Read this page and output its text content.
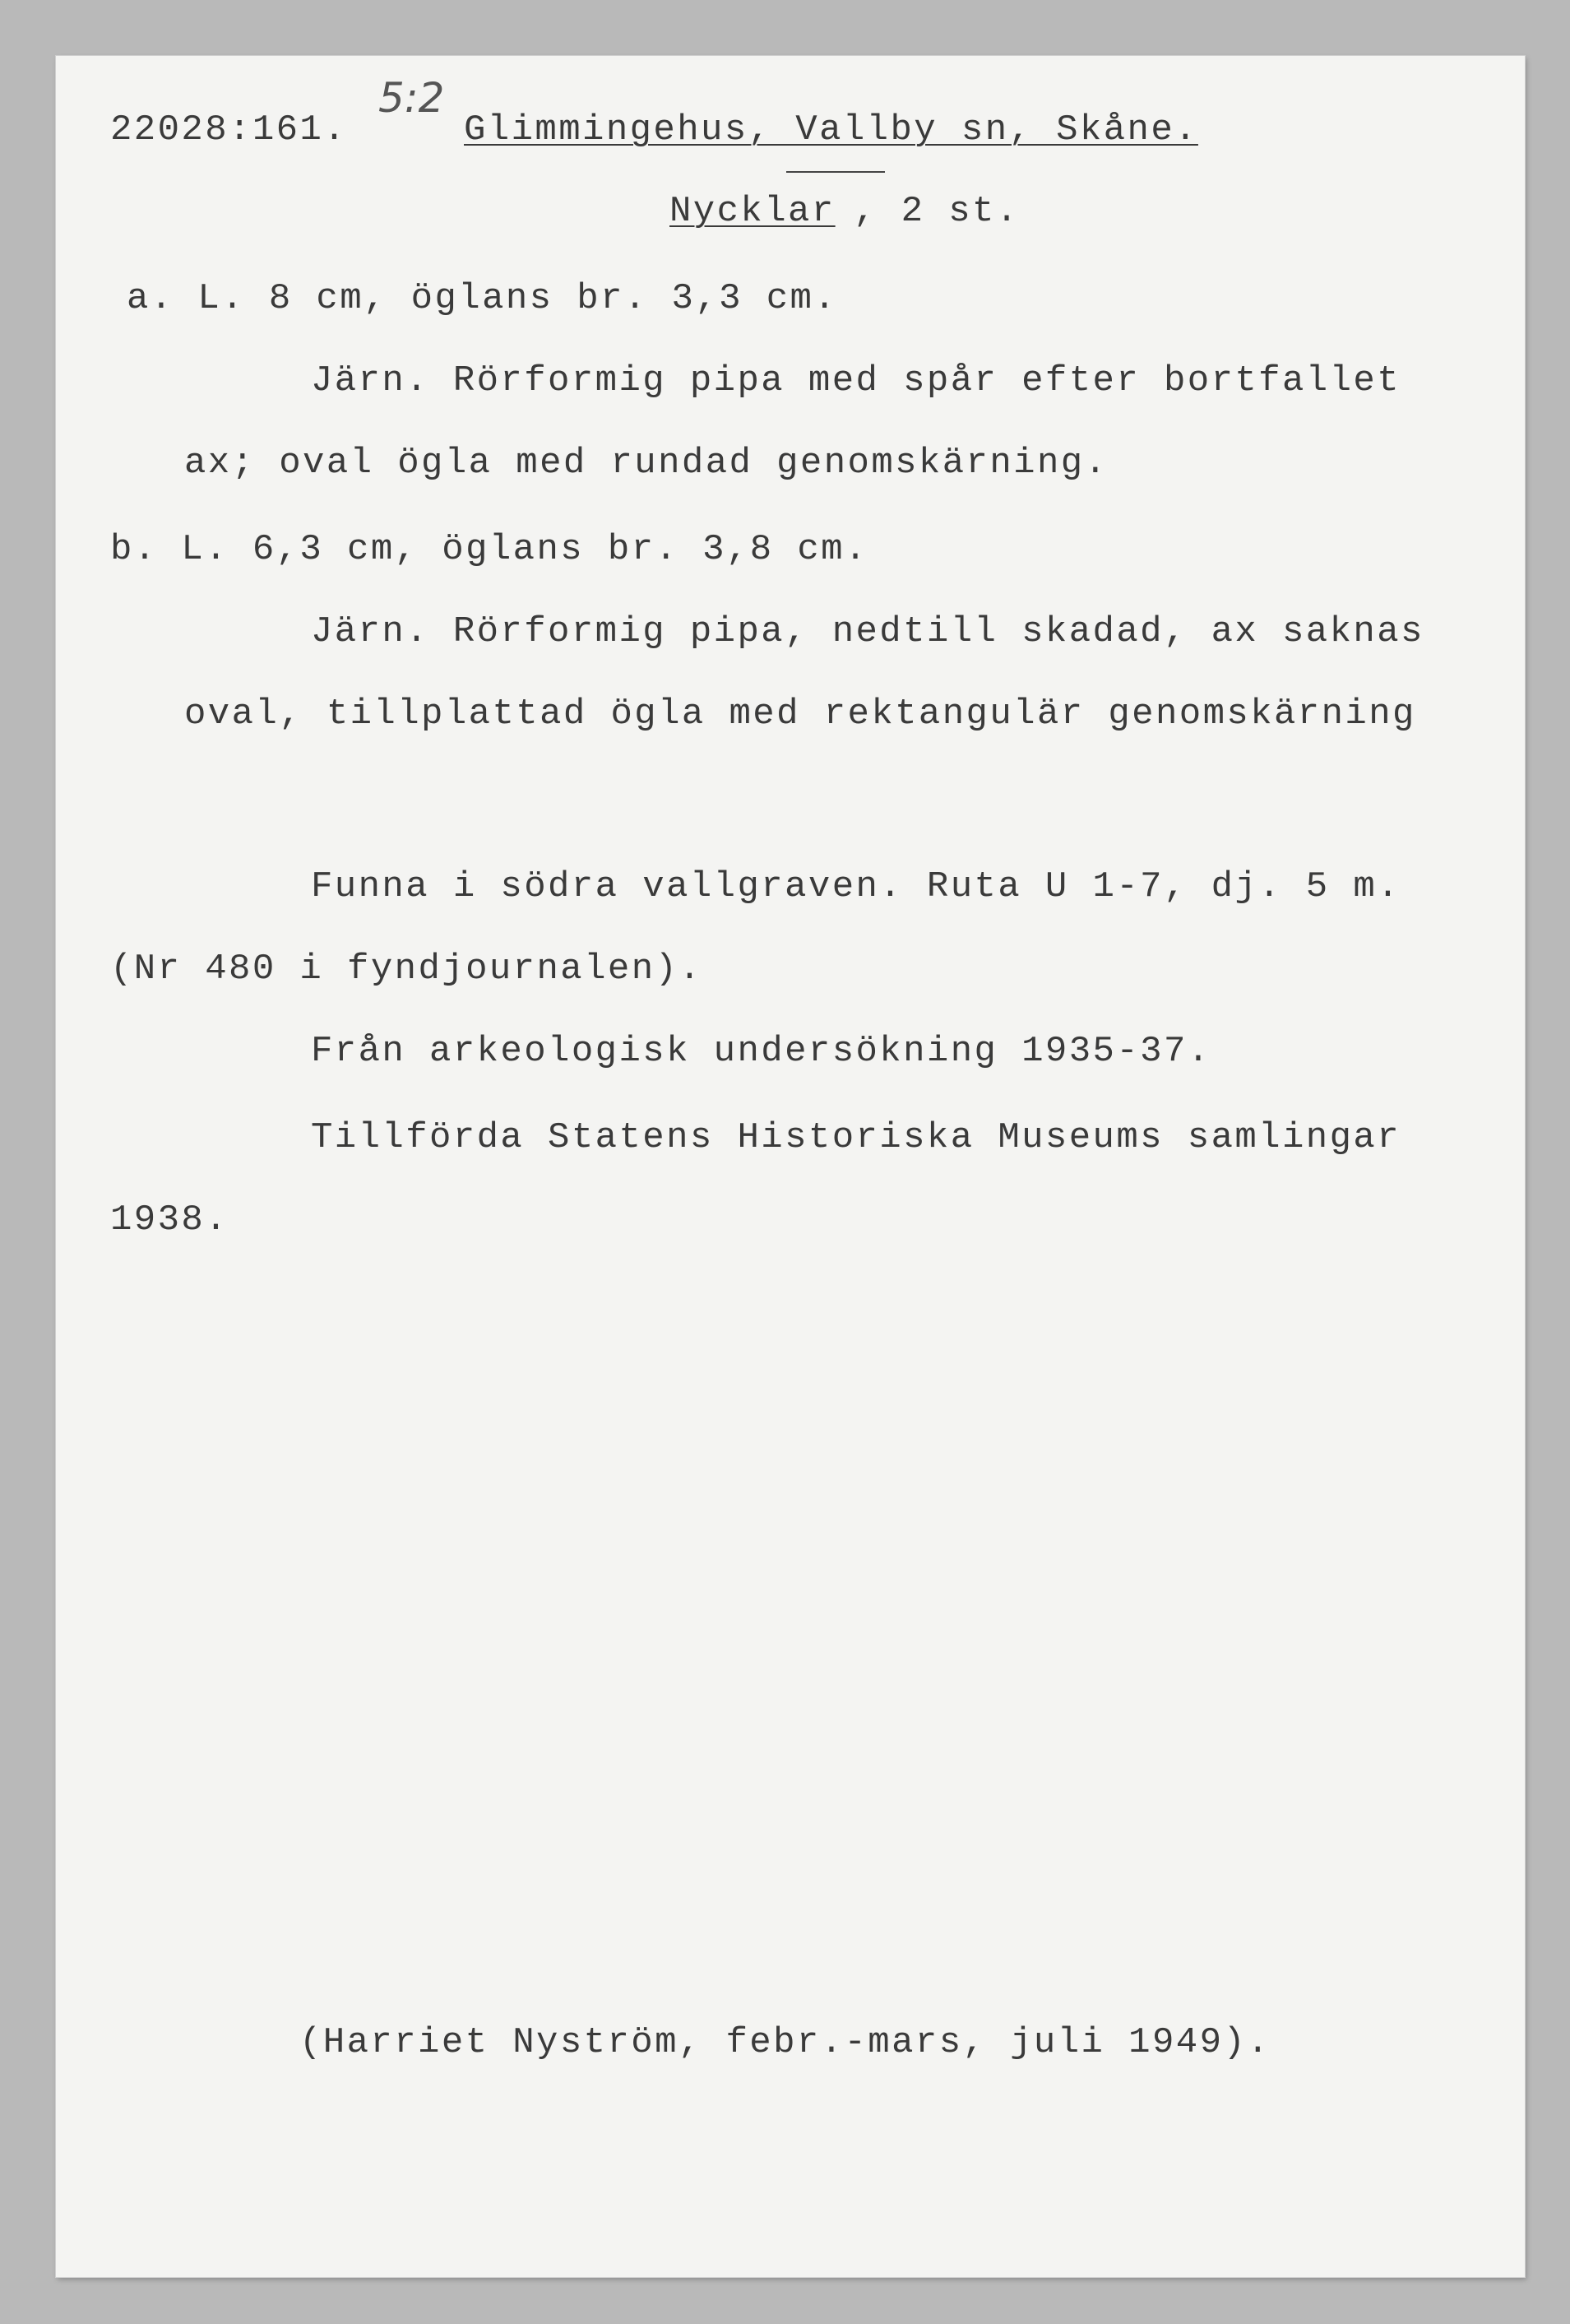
5:2
22028:161.	Glimmingehus, Vallby sn, Skåne.
Nycklar , 2 st.
a. L. 8 cm, öglans br. 3,3 cm.
Järn. Rörformig pipa med spår efter bortfallet
ax; oval ögla med rundad genomskärning.
b. L. 6,3 cm, öglans br. 3,8 cm.
Järn. Rörformig pipa, nedtill skadad, ax saknas
oval, tillplattad ögla med rektangulär genomskärning
Funna i södra vallgraven. Ruta U 1-7, dj. 5 m.
(Nr 480 i fyndjournalen).
Från arkeologisk undersökning 1935-37.
Tillförda Statens Historiska Museums samlingar
1938.
(Harriet Nyström, febr.-mars, juli 1949).
